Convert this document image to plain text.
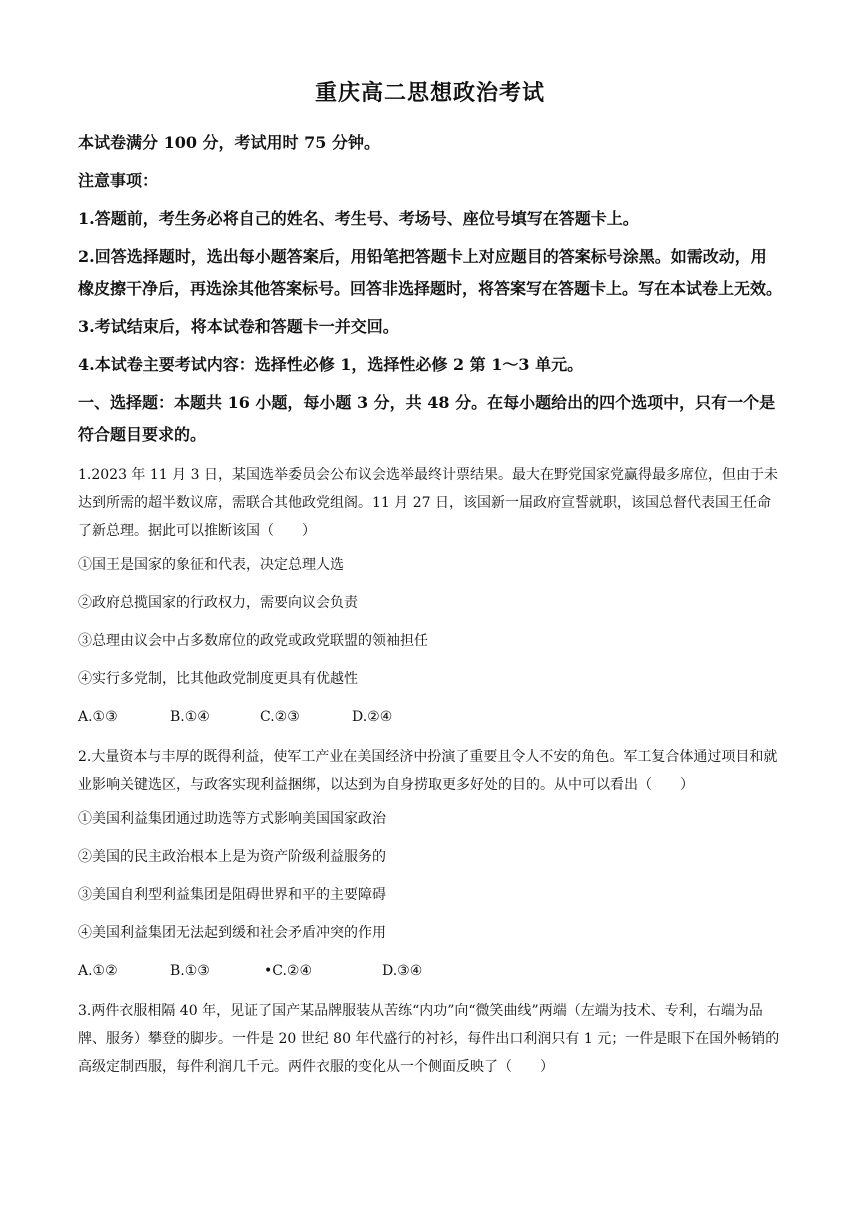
重庆高二思想政治考试

本试卷满分 100 分，考试用时 75 分钟。

注意事项：

1.答题前，考生务必将自己的姓名、考生号、考场号、座位号填写在答题卡上。

2.回答选择题时，选出每小题答案后，用铅笔把答题卡上对应题目的答案标号涂黑。如需改动，用橡皮擦干净后，再选涂其他答案标号。回答非选择题时，将答案写在答题卡上。写在本试卷上无效。

3.考试结束后，将本试卷和答题卡一并交回。

4.本试卷主要考试内容：选择性必修 1，选择性必修 2 第 1～3 单元。

一、选择题：本题共 16 小题，每小题 3 分，共 48 分。在每小题给出的四个选项中，只有一个是符合题目要求的。

1.2023 年 11 月 3 日，某国选举委员会公布议会选举最终计票结果。最大在野党国家党赢得最多席位，但由于未达到所需的超半数议席，需联合其他政党组阁。11 月 27 日，该国新一届政府宣誓就职，该国总督代表国王任命了新总理。据此可以推断该国（　　）

①国王是国家的象征和代表，决定总理人选

②政府总揽国家的行政权力，需要向议会负责

③总理由议会中占多数席位的政党或政党联盟的领袖担任

④实行多党制，比其他政党制度更具有优越性

A.①③	B.①④	C.②③	D.②④

2.大量资本与丰厚的既得利益，使军工产业在美国经济中扮演了重要且令人不安的角色。军工复合体通过项目和就业影响关键选区，与政客实现利益捆绑，以达到为自身捞取更多好处的目的。从中可以看出（　　）

①美国利益集团通过助选等方式影响美国国家政治

②美国的民主政治根本上是为资产阶级利益服务的

③美国自利型利益集团是阻碍世界和平的主要障碍

④美国利益集团无法起到缓和社会矛盾冲突的作用

A.①②	B.①③	•C.②④	D.③④

3.两件衣服相隔 40 年，见证了国产某品牌服装从苦练“内功”向“微笑曲线”两端（左端为技术、专利，右端为品牌、服务）攀登的脚步。一件是 20 世纪 80 年代盛行的衬衫，每件出口利润只有 1 元；一件是眼下在国外畅销的高级定制西服，每件利润几千元。两件衣服的变化从一个侧面反映了（　　）
